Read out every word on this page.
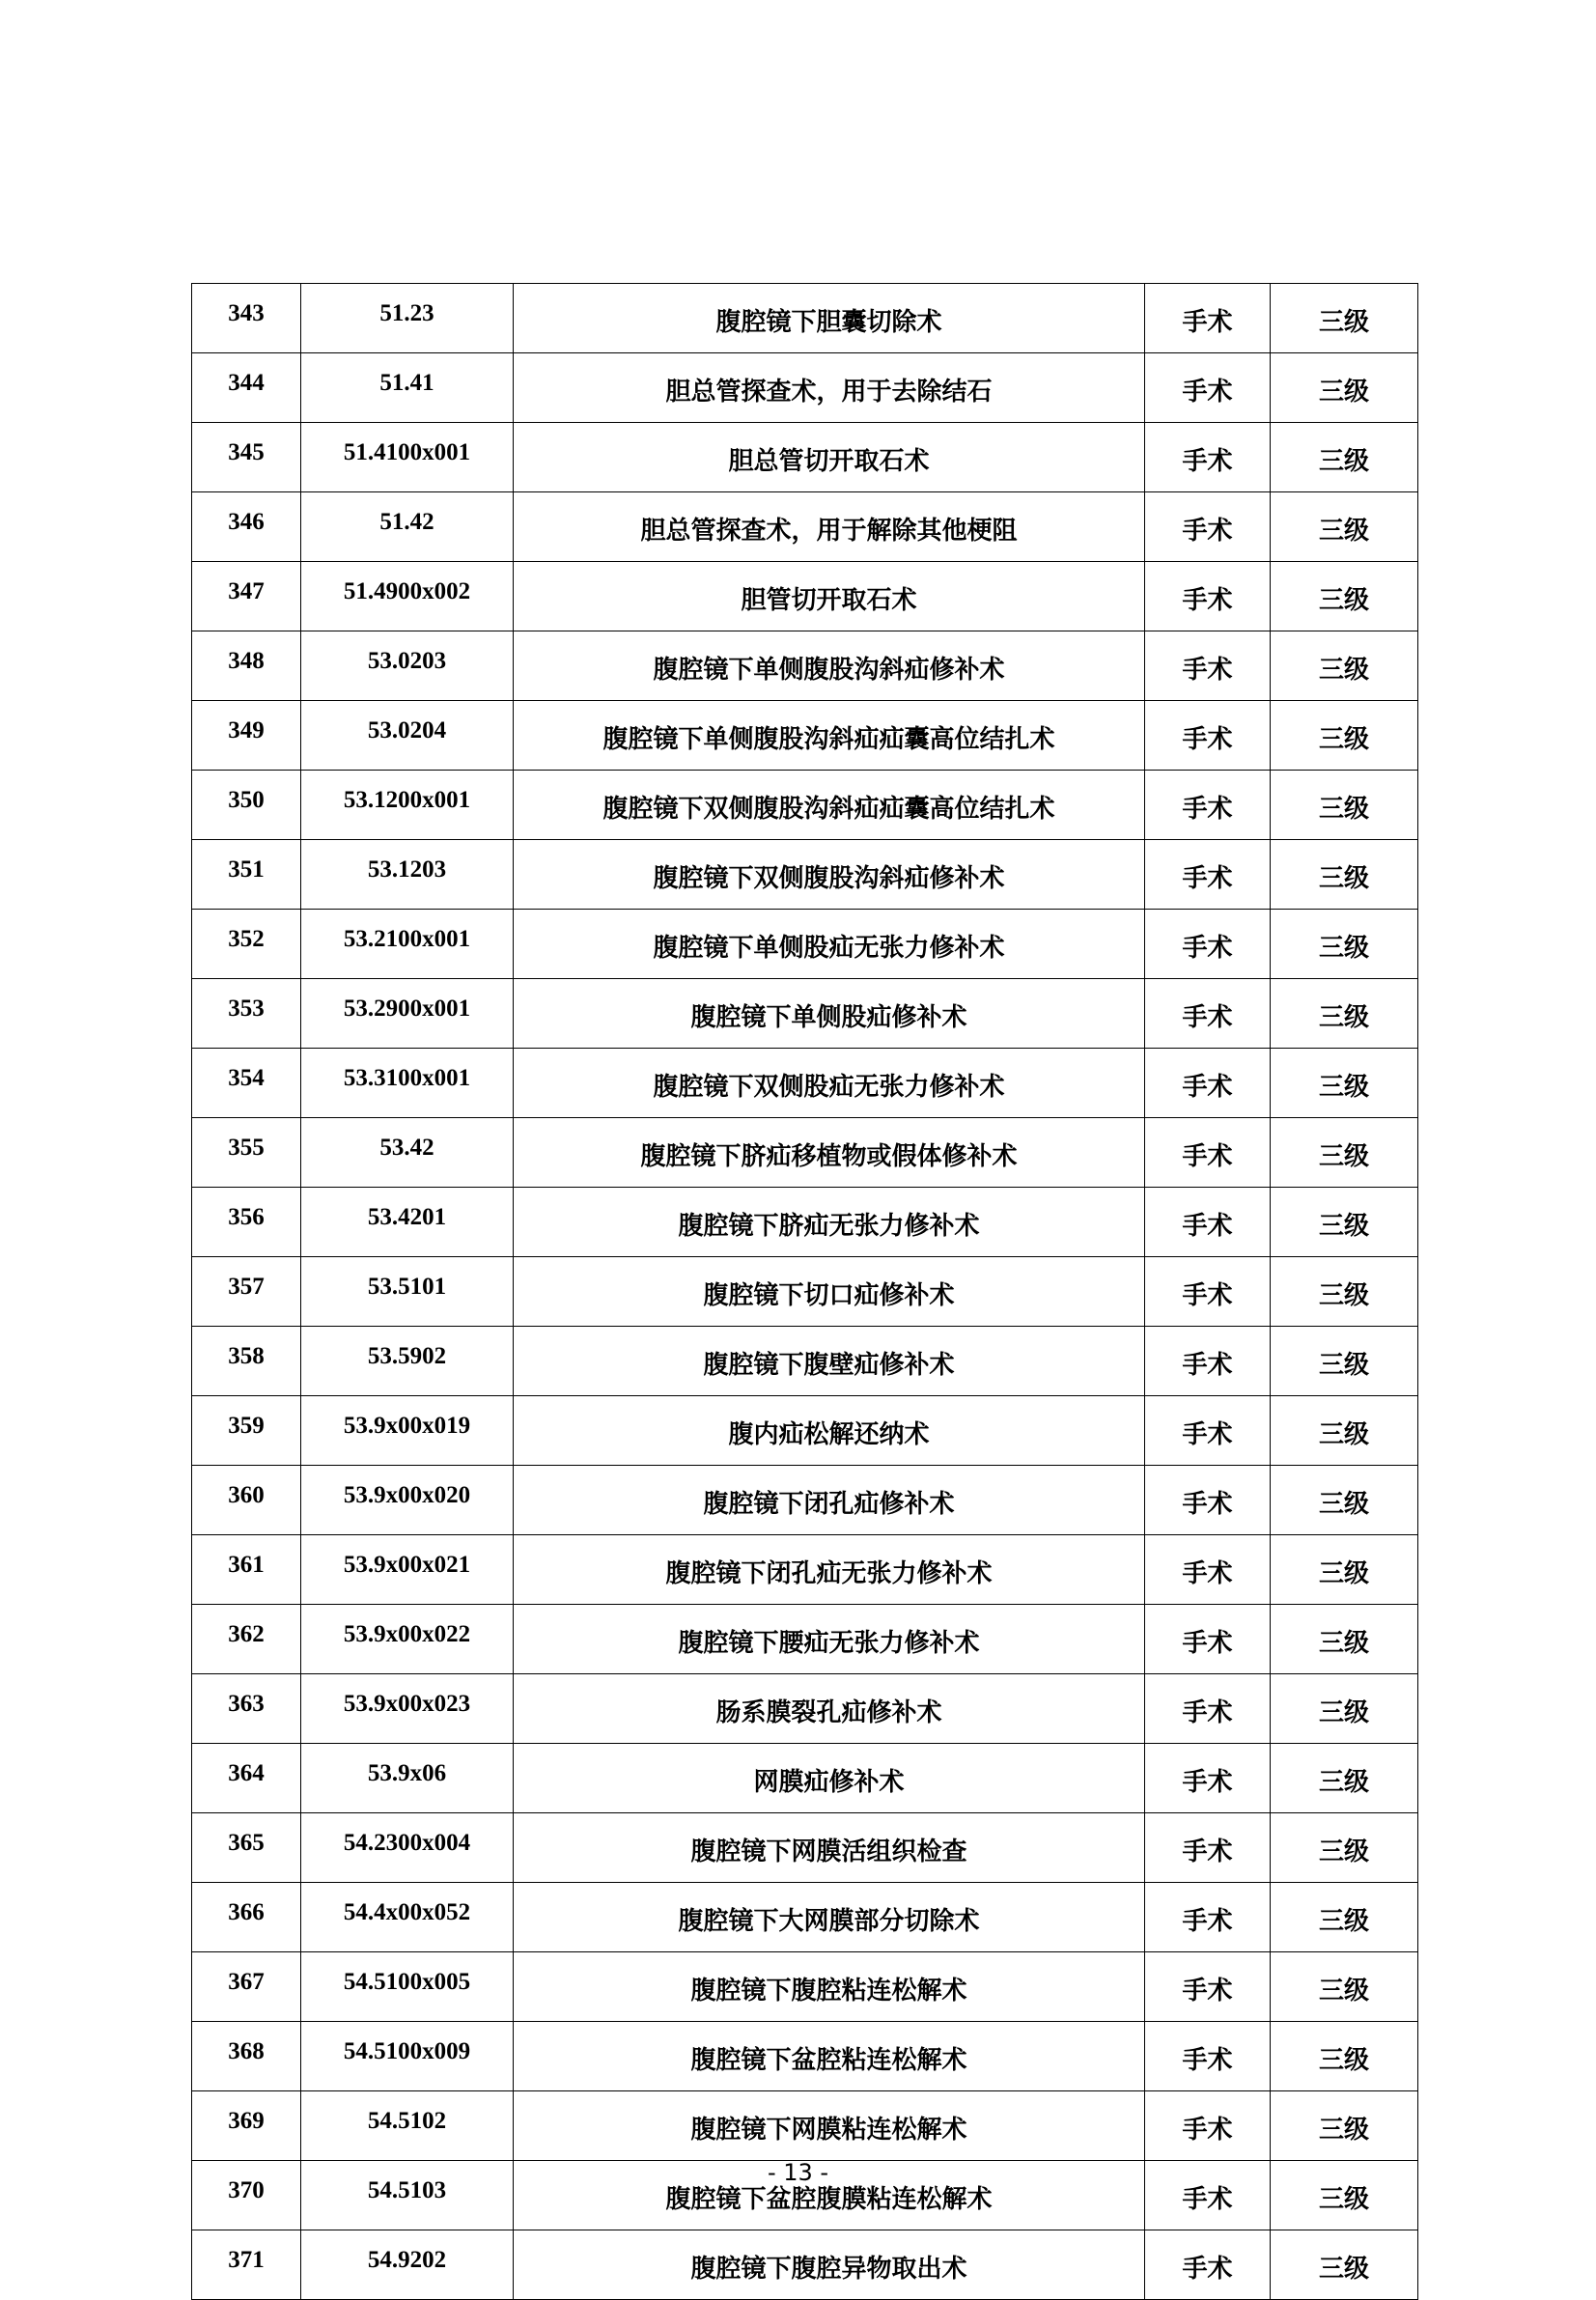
343	51.23	腹腔镜下胆囊切除术	手术	三级
344	51.41	胆总管探查术，用于去除结石	手术	三级
345	51.4100x001	胆总管切开取石术	手术	三级
346	51.42	胆总管探查术，用于解除其他梗阻	手术	三级
347	51.4900x002	胆管切开取石术	手术	三级
348	53.0203	腹腔镜下单侧腹股沟斜疝修补术	手术	三级
349	53.0204	腹腔镜下单侧腹股沟斜疝疝囊高位结扎术	手术	三级
350	53.1200x001	腹腔镜下双侧腹股沟斜疝疝囊高位结扎术	手术	三级
351	53.1203	腹腔镜下双侧腹股沟斜疝修补术	手术	三级
352	53.2100x001	腹腔镜下单侧股疝无张力修补术	手术	三级
353	53.2900x001	腹腔镜下单侧股疝修补术	手术	三级
354	53.3100x001	腹腔镜下双侧股疝无张力修补术	手术	三级
355	53.42	腹腔镜下脐疝移植物或假体修补术	手术	三级
356	53.4201	腹腔镜下脐疝无张力修补术	手术	三级
357	53.5101	腹腔镜下切口疝修补术	手术	三级
358	53.5902	腹腔镜下腹壁疝修补术	手术	三级
359	53.9x00x019	腹内疝松解还纳术	手术	三级
360	53.9x00x020	腹腔镜下闭孔疝修补术	手术	三级
361	53.9x00x021	腹腔镜下闭孔疝无张力修补术	手术	三级
362	53.9x00x022	腹腔镜下腰疝无张力修补术	手术	三级
363	53.9x00x023	肠系膜裂孔疝修补术	手术	三级
364	53.9x06	网膜疝修补术	手术	三级
365	54.2300x004	腹腔镜下网膜活组织检查	手术	三级
366	54.4x00x052	腹腔镜下大网膜部分切除术	手术	三级
367	54.5100x005	腹腔镜下腹腔粘连松解术	手术	三级
368	54.5100x009	腹腔镜下盆腔粘连松解术	手术	三级
369	54.5102	腹腔镜下网膜粘连松解术	手术	三级
370	54.5103	腹腔镜下盆腔腹膜粘连松解术	手术	三级
371	54.9202	腹腔镜下腹腔异物取出术	手术	三级
- 13 -
